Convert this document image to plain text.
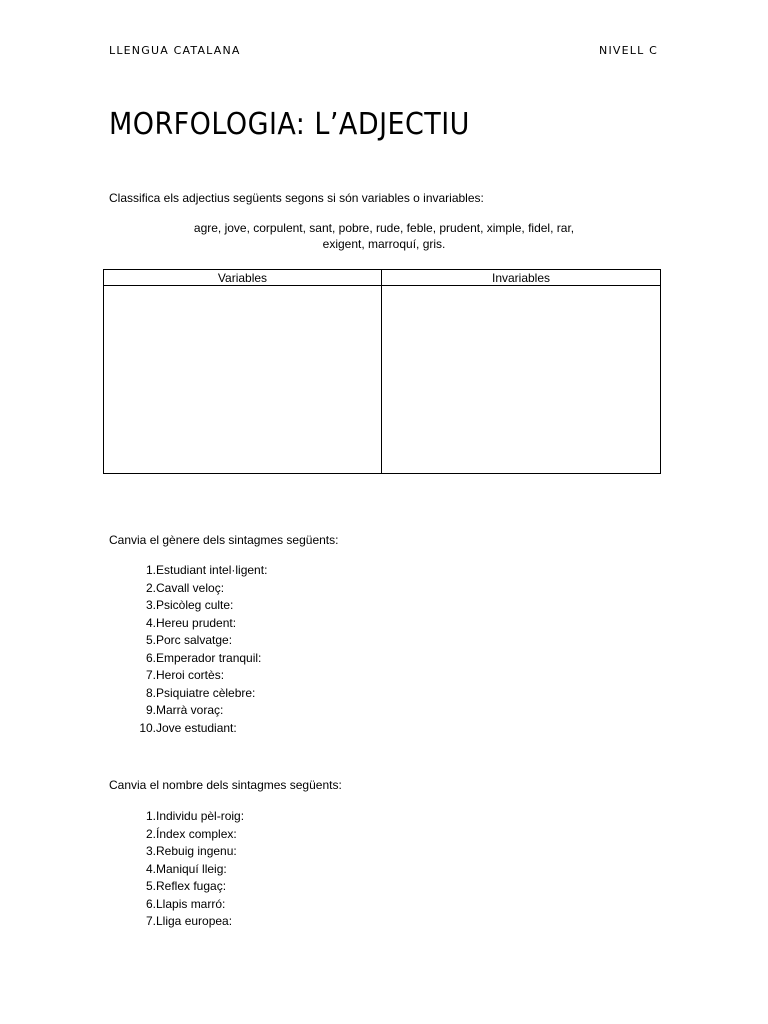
LLENGUA CATALANA	NIVELL C
MORFOLOGIA: L’ADJECTIU
Classifica els adjectius següents segons si són variables o invariables:
agre, jove, corpulent, sant, pobre, rude, feble, prudent, ximple, fidel, rar,
exigent, marroquí, gris.
Variables	Invariables
Canvia el gènere dels sintagmes següents:
1. Estudiant intel·ligent:
2. Cavall veloç:
3. Psicòleg culte:
4. Hereu prudent:
5. Porc salvatge:
6. Emperador tranquil:
7. Heroi cortès:
8. Psiquiatre cèlebre:
9. Marrà voraç:
10. Jove estudiant:
Canvia el nombre dels sintagmes següents:
1. Individu pèl-roig:
2. Índex complex:
3. Rebuig ingenu:
4. Maniquí lleig:
5. Reflex fugaç:
6. Llapis marró:
7. Lliga europea:
